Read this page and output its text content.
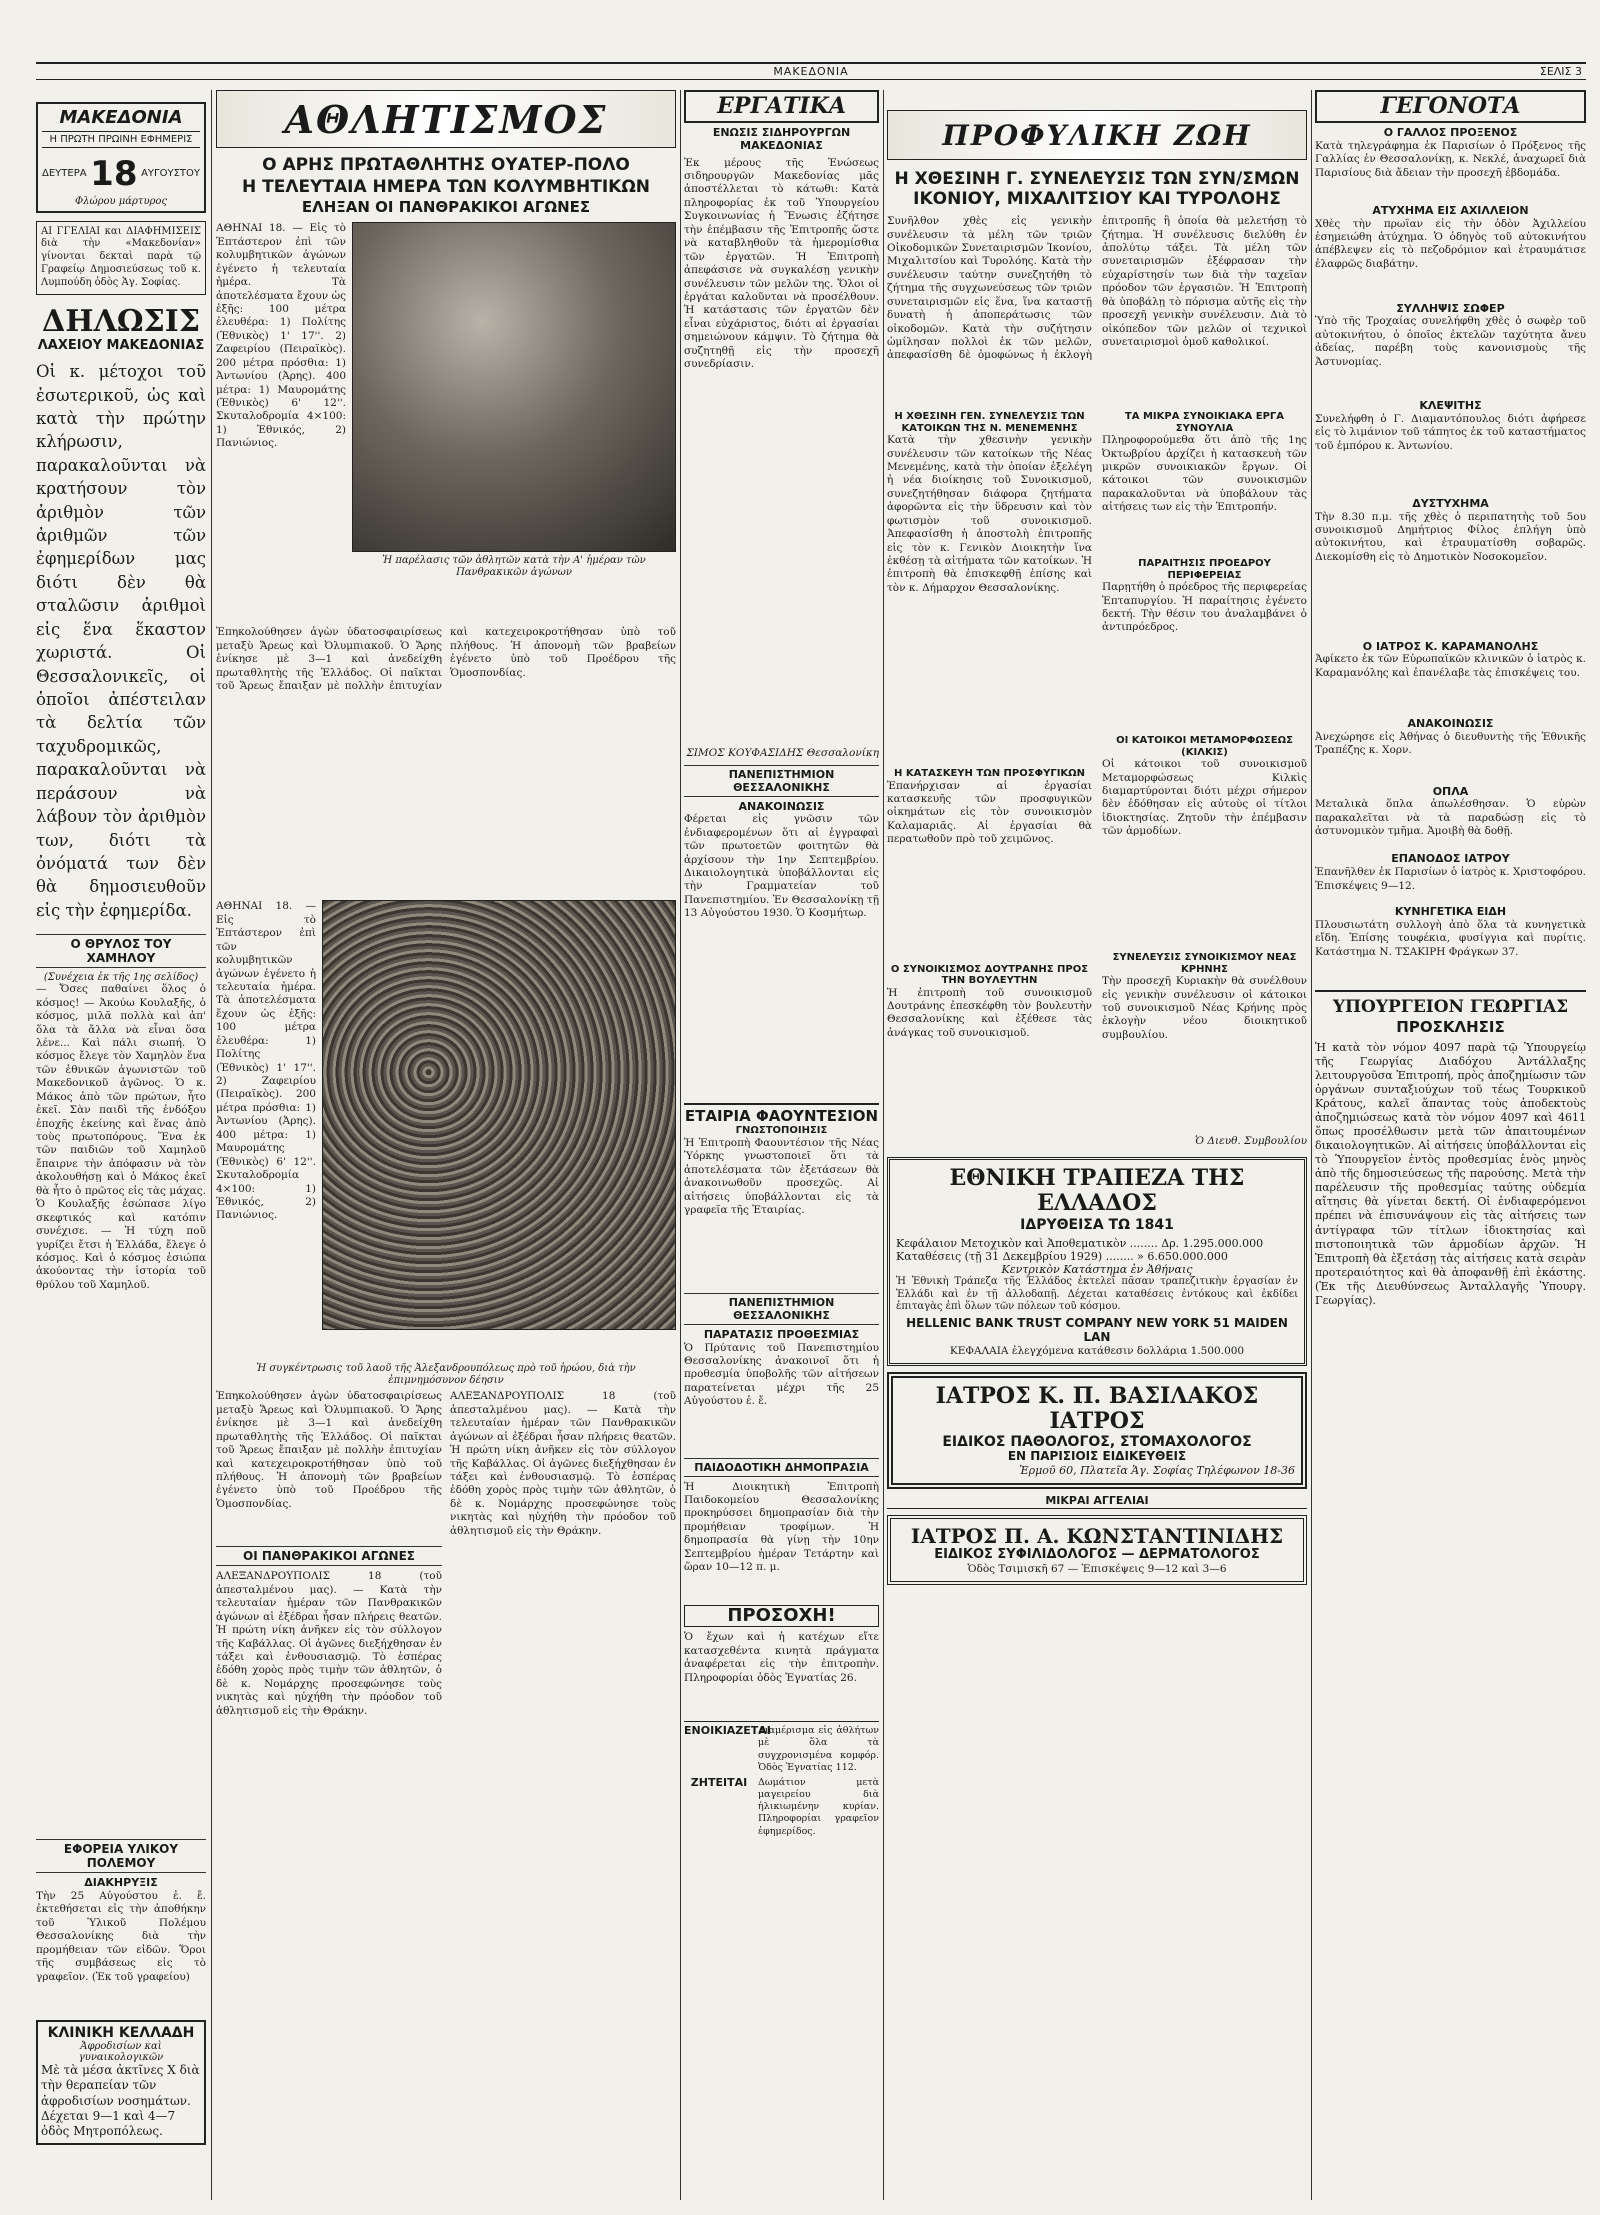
ΜΑΚΕΔΟΝΙΑ	ΣΕΛΙΣ 3
ΜΑΚΕΔΟΝΙΑ
Η ΠΡΩΤΗ ΠΡΩΙΝΗ ΕΦΗΜΕΡΙΣ
ΔΕΥΤΕΡΑ 18 ΑΥΓΟΥΣΤΟΥ
Φλώρου μάρτυρος
ΑΙ ΓΓΕΛΙΑΙ και ΔΙΑΦΗΜΙΣΕΙΣ διὰ τὴν «Μακεδονίαν» γίνονται δεκταὶ παρὰ τῷ Γραφείῳ Δημοσιεύσεως τοῦ κ. Λυμπούδη ὁδὸς Ἁγ. Σοφίας.
ΔΗΛΩΣΙΣ
ΛΑΧΕΙΟΥ ΜΑΚΕΔΟΝΙΑΣ
Οἱ κ. μέτοχοι τοῦ ἐσωτερικοῦ, ὡς καὶ κατὰ τὴν πρώτην κλήρωσιν, παρακαλοῦνται νὰ κρατήσουν τὸν ἀριθμὸν τῶν ἀριθμῶν τῶν ἐφημερίδων μας διότι δὲν θὰ σταλῶσιν ἀριθμοὶ εἰς ἕνα ἕκαστον χωριστά. Οἱ Θεσσαλονικεῖς, οἱ ὁποῖοι ἀπέστειλαν τὰ δελτία τῶν ταχυδρομικῶς, παρακαλοῦνται νὰ περάσουν νὰ λάβουν τὸν ἀριθμὸν των, διότι τὰ ὀνόματά των δὲν θὰ δημοσιευθοῦν εἰς τὴν ἐφημερίδα.
Ο ΘΡΥΛΟΣ ΤΟΥ ΧΑΜΗΛΟΥ
(Συνέχεια ἐκ τῆς 1ης σελίδος)
— Ὄσες παθαίνει ὅλος ὁ κόσμος! — Ἀκούω Κουλαξῆς, ὁ κόσμος, μιλᾶ πολλὰ καὶ ἀπ' ὅλα τὰ ἄλλα νὰ εἶναι ὅσα λένε... Καὶ πάλι σιωπή. Ὁ κόσμος ἔλεγε τὸν Χαμηλὸν ἕνα τῶν ἐθνικῶν ἀγωνιστῶν τοῦ Μακεδονικοῦ ἀγῶνος. Ὁ κ. Μάκος ἀπὸ τῶν πρώτων, ἦτο ἐκεῖ. Σὰν παιδὶ τῆς ἐνδόξου ἐποχῆς ἐκείνης καὶ ἕνας ἀπὸ τοὺς πρωτοπόρους. Ἕνα ἐκ τῶν παιδιῶν τοῦ Χαμηλοῦ ἔπαιρνε τὴν ἀπόφασιν νὰ τὸν ἀκολουθήσῃ καὶ ὁ Μάκος ἐκεῖ θὰ ἦτο ὁ πρῶτος εἰς τὰς μάχας. Ὁ Κουλαξῆς ἐσώπασε λίγο σκεφτικός καὶ κατόπιν συνέχισε. — Ἡ τύχη ποῦ γυρίζει ἔτσι ἡ Ἑλλάδα, ἔλεγε ὁ κόσμος. Καὶ ὁ κόσμος ἐσιώπα ἀκούοντας τὴν ἱστορία τοῦ θρύλου τοῦ Χαμηλοῦ.
ΕΦΟΡΕΙΑ ΥΛΙΚΟΥ ΠΟΛΕΜΟΥ
ΔΙΑΚΗΡΥΞΙΣ
Τὴν 25 Αὐγούστου ἐ. ἔ. ἐκτεθήσεται εἰς τὴν ἀποθήκην τοῦ Ὑλικοῦ Πολέμου Θεσσαλονίκης διὰ τὴν προμήθειαν τῶν εἰδῶν. Ὅροι τῆς συμβάσεως εἰς τὸ γραφεῖον. (Ἐκ τοῦ γραφείου)
ΚΛΙΝΙΚΗ ΚΕΛΛΑΔΗ
Ἀφροδισίων καὶ γυναικολογικῶν
Μὲ τὰ μέσα ἀκτῖνες Χ διὰ τὴν θεραπείαν τῶν ἀφροδισίων νοσημάτων. Δέχεται 9—1 καὶ 4—7 ὁδὸς Μητροπόλεως.
ΑΘΛΗΤΙΣΜΟΣ
Ο ΑΡΗΣ ΠΡΩΤΑΘΛΗΤΗΣ ΟΥΑΤΕΡ-ΠΟΛΟ
Η ΤΕΛΕΥΤΑΙΑ ΗΜΕΡΑ ΤΩΝ ΚΟΛΥΜΒΗΤΙΚΩΝ
ΕΛΗΞΑΝ ΟΙ ΠΑΝΘΡΑΚΙΚΟΙ ΑΓΩΝΕΣ
ΑΘΗΝΑΙ 18. — Εἰς τὸ Ἐπτάστερον ἐπὶ τῶν κολυμβητικῶν ἀγώνων ἐγένετο ἡ τελευταία ἡμέρα. Τὰ ἀποτελέσματα ἔχουν ὡς ἑξῆς: 100 μέτρα ἐλευθέρα: 1) Πολίτης (Ἐθνικὸς) 1' 17''. 2) Ζαφειρίου (Πειραϊκὸς). 200 μέτρα πρόσθια: 1) Ἀντωνίου (Ἀρης). 400 μέτρα: 1) Μαυρομάτης (Ἐθνικὸς) 6' 12''. Σκυταλοδρομία 4×100: 1) Ἐθνικός, 2) Πανιώνιος.
Ἡ παρέλασις τῶν ἀθλητῶν κατὰ τὴν Α' ἡμέραν τῶν Πανθρακικῶν ἀγώνων
Ἐπηκολούθησεν ἀγὼν ὑδατοσφαιρίσεως μεταξὺ Ἄρεως καὶ Ὀλυμπιακοῦ. Ὁ Ἄρης ἐνίκησε μὲ 3—1 καὶ ἀνεδείχθη πρωταθλητὴς τῆς Ἑλλάδος. Οἱ παῖκται τοῦ Ἄρεως ἔπαιξαν μὲ πολλὴν ἐπιτυχίαν καὶ κατεχειροκροτήθησαν ὑπὸ τοῦ πλήθους. Ἡ ἀπονομὴ τῶν βραβείων ἐγένετο ὑπὸ τοῦ Προέδρου τῆς Ὁμοσπονδίας.
ΑΘΗΝΑΙ 18. — Εἰς τὸ Ἐπτάστερον ἐπὶ τῶν κολυμβητικῶν ἀγώνων ἐγένετο ἡ τελευταία ἡμέρα. Τὰ ἀποτελέσματα ἔχουν ὡς ἑξῆς: 100 μέτρα ἐλευθέρα: 1) Πολίτης (Ἐθνικὸς) 1' 17''. 2) Ζαφειρίου (Πειραϊκὸς). 200 μέτρα πρόσθια: 1) Ἀντωνίου (Ἀρης). 400 μέτρα: 1) Μαυρομάτης (Ἐθνικὸς) 6' 12''. Σκυταλοδρομία 4×100: 1) Ἐθνικός, 2) Πανιώνιος.
Ἡ συγκέντρωσις τοῦ λαοῦ τῆς Ἀλεξανδρουπόλεως πρὸ τοῦ ἡρώου, διὰ τὴν ἐπιμνημόσυνον δέησιν
Ἐπηκολούθησεν ἀγὼν ὑδατοσφαιρίσεως μεταξὺ Ἄρεως καὶ Ὀλυμπιακοῦ. Ὁ Ἄρης ἐνίκησε μὲ 3—1 καὶ ἀνεδείχθη πρωταθλητὴς τῆς Ἑλλάδος. Οἱ παῖκται τοῦ Ἄρεως ἔπαιξαν μὲ πολλὴν ἐπιτυχίαν καὶ κατεχειροκροτήθησαν ὑπὸ τοῦ πλήθους. Ἡ ἀπονομὴ τῶν βραβείων ἐγένετο ὑπὸ τοῦ Προέδρου τῆς Ὁμοσπονδίας.
ΟΙ ΠΑΝΘΡΑΚΙΚΟΙ ΑΓΩΝΕΣ
ΑΛΕΞΑΝΔΡΟΥΠΟΛΙΣ 18 (τοῦ ἀπεσταλμένου μας). — Κατὰ τὴν τελευταίαν ἡμέραν τῶν Πανθρακικῶν ἀγώνων αἱ ἐξέδραι ἦσαν πλήρεις θεατῶν. Ἡ πρώτη νίκη ἀνῆκεν εἰς τὸν σύλλογον τῆς Καβάλλας. Οἱ ἀγῶνες διεξήχθησαν ἐν τάξει καὶ ἐνθουσιασμῷ. Τὸ ἑσπέρας ἐδόθη χορὸς πρὸς τιμὴν τῶν ἀθλητῶν, ὁ δὲ κ. Νομάρχης προσεφώνησε τοὺς νικητὰς καὶ ηὐχήθη τὴν πρόοδον τοῦ ἀθλητισμοῦ εἰς τὴν Θράκην.
ΑΛΕΞΑΝΔΡΟΥΠΟΛΙΣ 18 (τοῦ ἀπεσταλμένου μας). — Κατὰ τὴν τελευταίαν ἡμέραν τῶν Πανθρακικῶν ἀγώνων αἱ ἐξέδραι ἦσαν πλήρεις θεατῶν. Ἡ πρώτη νίκη ἀνῆκεν εἰς τὸν σύλλογον τῆς Καβάλλας. Οἱ ἀγῶνες διεξήχθησαν ἐν τάξει καὶ ἐνθουσιασμῷ. Τὸ ἑσπέρας ἐδόθη χορὸς πρὸς τιμὴν τῶν ἀθλητῶν, ὁ δὲ κ. Νομάρχης προσεφώνησε τοὺς νικητὰς καὶ ηὐχήθη τὴν πρόοδον τοῦ ἀθλητισμοῦ εἰς τὴν Θράκην.
ΕΡΓΑΤΙΚΑ
ΕΝΩΣΙΣ ΣΙΔΗΡΟΥΡΓΩΝ ΜΑΚΕΔΟΝΙΑΣ
Ἐκ μέρους τῆς Ἑνώσεως σιδηρουργῶν Μακεδονίας μᾶς ἀποστέλλεται τὸ κάτωθι: Κατὰ πληροφορίας ἐκ τοῦ Ὑπουργείου Συγκοινωνίας ἡ Ἕνωσις ἐζήτησε τὴν ἐπέμβασιν τῆς Ἐπιτροπῆς ὥστε νὰ καταβληθοῦν τὰ ἡμερομίσθια τῶν ἐργατῶν. Ἡ Ἐπιτροπὴ ἀπεφάσισε νὰ συγκαλέσῃ γενικὴν συνέλευσιν τῶν μελῶν της. Ὅλοι οἱ ἐργάται καλοῦνται νὰ προσέλθουν. Ἡ κατάστασις τῶν ἐργατῶν δὲν εἶναι εὐχάριστος, διότι αἱ ἐργασίαι σημειώνουν κάμψιν. Τὸ ζήτημα θὰ συζητηθῇ εἰς τὴν προσεχῆ συνεδρίασιν.
ΣΙΜΟΣ ΚΟΥΦΑΣΙΔΗΣ Θεσσαλονίκη
ΠΑΝΕΠΙΣΤΗΜΙΟΝ ΘΕΣΣΑΛΟΝΙΚΗΣ
ΑΝΑΚΟΙΝΩΣΙΣ
Φέρεται εἰς γνῶσιν τῶν ἐνδιαφερομένων ὅτι αἱ ἐγγραφαὶ τῶν πρωτοετῶν φοιτητῶν θὰ ἀρχίσουν τὴν 1ην Σεπτεμβρίου. Δικαιολογητικὰ ὑποβάλλονται εἰς τὴν Γραμματείαν τοῦ Πανεπιστημίου. Ἐν Θεσσαλονίκῃ τῇ 13 Αὐγούστου 1930. Ὁ Κοσμήτωρ.
ΕΤΑΙΡΙΑ ΦΑΟΥΝΤΕΣΙΟΝ
ΓΝΩΣΤΟΠΟΙΗΣΙΣ
Ἡ Ἐπιτροπὴ Φαουντέσιον τῆς Νέας Ὑόρκης γνωστοποιεῖ ὅτι τὰ ἀποτελέσματα τῶν ἐξετάσεων θὰ ἀνακοινωθοῦν προσεχῶς. Αἱ αἰτήσεις ὑποβάλλονται εἰς τὰ γραφεῖα τῆς Ἑταιρίας.
ΠΑΝΕΠΙΣΤΗΜΙΟΝ ΘΕΣΣΑΛΟΝΙΚΗΣ
ΠΑΡΑΤΑΣΙΣ ΠΡΟΘΕΣΜΙΑΣ
Ὁ Πρύτανις τοῦ Πανεπιστημίου Θεσσαλονίκης ἀνακοινοῖ ὅτι ἡ προθεσμία ὑποβολῆς τῶν αἰτήσεων παρατείνεται μέχρι τῆς 25 Αὐγούστου ἐ. ἔ.
ΠΑΙΔΟΔΟΤΙΚΗ ΔΗΜΟΠΡΑΣΙΑ
Ἡ Διοικητικὴ Ἐπιτροπὴ Παιδοκομείου Θεσσαλονίκης προκηρύσσει δημοπρασίαν διὰ τὴν προμήθειαν τροφίμων. Ἡ δημοπρασία θὰ γίνῃ τὴν 10ην Σεπτεμβρίου ἡμέραν Τετάρτην καὶ ὥραν 10—12 π. μ.
ΠΡΟΣΟΧΗ!
Ὁ ἔχων καὶ ἡ κατέχων εἴτε κατασχεθέντα κινητὰ πράγματα ἀναφέρεται εἰς τὴν ἐπιτροπὴν. Πληροφορίαι ὁδὸς Ἐγνατίας 26.
ΕΝΟΙΚΙΑΖΕΤΑΙ
Διαμέρισμα εἰς ἀθλήτων μὲ ὅλα τὰ συγχρονισμένα κομφόρ. Ὁδὸς Ἐγνατίας 112.
ΖΗΤΕΙΤΑΙ	Δωμάτιον μετὰ μαγειρείου διὰ ἡλικιωμένην κυρίαν. Πληροφορίαι γραφεῖον ἐφημερίδος.
ΠΡΟΦΥΛΙΚΗ ΖΩΗ
Η ΧΘΕΣΙΝΗ Γ. ΣΥΝΕΛΕΥΣΙΣ ΤΩΝ ΣΥΝ/ΣΜΩΝ ΙΚΟΝΙΟΥ, ΜΙΧΑΛΙΤΣΙΟΥ ΚΑΙ ΤΥΡΟΛΟΗΣ
Συνῆλθον χθὲς εἰς γενικὴν συνέλευσιν τὰ μέλη τῶν τριῶν Οἰκοδομικῶν Συνεταιρισμῶν Ἰκονίου, Μιχαλιτσίου καὶ Τυρολόης. Κατὰ τὴν συνέλευσιν ταύτην συνεζητήθη τὸ ζήτημα τῆς συγχωνεύσεως τῶν τριῶν συνεταιρισμῶν εἰς ἕνα, ἵνα καταστῇ δυνατὴ ἡ ἀποπεράτωσις τῶν οἰκοδομῶν. Κατὰ τὴν συζήτησιν ὡμίλησαν πολλοὶ ἐκ τῶν μελῶν, ἀπεφασίσθη δὲ ὁμοφώνως ἡ ἐκλογὴ ἐπιτροπῆς ἣ ὁποία θὰ μελετήσῃ τὸ ζήτημα. Ἡ συνέλευσις διελύθη ἐν ἀπολύτῳ τάξει. Τὰ μέλη τῶν συνεταιρισμῶν ἐξέφρασαν τὴν εὐχαρίστησίν των διὰ τὴν ταχεῖαν πρόοδον τῶν ἐργασιῶν. Ἡ Ἐπιτροπὴ θὰ ὑποβάλῃ τὸ πόρισμα αὐτῆς εἰς τὴν προσεχῆ γενικὴν συνέλευσιν. Διὰ τὸ οἰκόπεδον τῶν μελῶν οἱ τεχνικοὶ συνεταιρισμοὶ ὁμοῦ καθολικοί.
Η ΧΘΕΣΙΝΗ ΓΕΝ. ΣΥΝΕΛΕΥΣΙΣ ΤΩΝ ΚΑΤΟΙΚΩΝ ΤΗΣ Ν. ΜΕΝΕΜΕΝΗΣ
Κατὰ τὴν χθεσινὴν γενικὴν συνέλευσιν τῶν κατοίκων τῆς Νέας Μενεμένης, κατὰ τὴν ὁποίαν ἐξελέγη ἡ νέα διοίκησις τοῦ Συνοικισμοῦ, συνεζητήθησαν διάφορα ζητήματα ἀφορῶντα εἰς τὴν ὕδρευσιν καὶ τὸν φωτισμὸν τοῦ συνοικισμοῦ. Ἀπεφασίσθη ἡ ἀποστολὴ ἐπιτροπῆς εἰς τὸν κ. Γενικὸν Διοικητὴν ἵνα ἐκθέσῃ τὰ αἰτήματα τῶν κατοίκων. Ἡ ἐπιτροπὴ θὰ ἐπισκεφθῇ ἐπίσης καὶ τὸν κ. Δήμαρχον Θεσσαλονίκης.
Η ΚΑΤΑΣΚΕΥΗ ΤΩΝ ΠΡΟΣΦΥΓΙΚΩΝ
Ἐπανήρχισαν αἱ ἐργασίαι κατασκευῆς τῶν προσφυγικῶν οἰκημάτων εἰς τὸν συνοικισμὸν Καλαμαριᾶς. Αἱ ἐργασίαι θὰ περατωθοῦν πρὸ τοῦ χειμῶνος.
Ο ΣΥΝΟΙΚΙΣΜΟΣ ΔΟΥΤΡΑΝΗΣ ΠΡΟΣ ΤΗΝ ΒΟΥΛΕΥΤΗΝ
Ἡ ἐπιτροπὴ τοῦ συνοικισμοῦ Δουτράνης ἐπεσκέφθη τὸν βουλευτὴν Θεσσαλονίκης καὶ ἐξέθεσε τὰς ἀνάγκας τοῦ συνοικισμοῦ.
ΤΑ ΜΙΚΡΑ ΣΥΝΟΙΚΙΑΚΑ ΕΡΓΑ ΣΥΝΟΥΛΙΑ
Πληροφορούμεθα ὅτι ἀπὸ τῆς 1ης Ὀκτωβρίου ἀρχίζει ἡ κατασκευὴ τῶν μικρῶν συνοικιακῶν ἔργων. Οἱ κάτοικοι τῶν συνοικισμῶν παρακαλοῦνται νὰ ὑποβάλουν τὰς αἰτήσεις των εἰς τὴν Ἐπιτροπήν.
ΠΑΡΑΙΤΗΣΙΣ ΠΡΟΕΔΡΟΥ ΠΕΡΙΦΕΡΕΙΑΣ
Παρῃτήθη ὁ πρόεδρος τῆς περιφερείας Ἑπταπυργίου. Ἡ παραίτησις ἐγένετο δεκτή. Τὴν θέσιν του ἀναλαμβάνει ὁ ἀντιπρόεδρος.
ΟΙ ΚΑΤΟΙΚΟΙ ΜΕΤΑΜΟΡΦΩΣΕΩΣ (ΚΙΛΚΙΣ)
Οἱ κάτοικοι τοῦ συνοικισμοῦ Μεταμορφώσεως Κιλκὶς διαμαρτύρονται διότι μέχρι σήμερον δὲν ἐδόθησαν εἰς αὐτοὺς οἱ τίτλοι ἰδιοκτησίας. Ζητοῦν τὴν ἐπέμβασιν τῶν ἁρμοδίων.
ΣΥΝΕΛΕΥΣΙΣ ΣΥΝΟΙΚΙΣΜΟΥ ΝΕΑΣ ΚΡΗΝΗΣ
Τὴν προσεχῆ Κυριακὴν θὰ συνέλθουν εἰς γενικὴν συνέλευσιν οἱ κάτοικοι τοῦ συνοικισμοῦ Νέας Κρήνης πρὸς ἐκλογὴν νέου διοικητικοῦ συμβουλίου.
Ὁ Διευθ. Συμβουλίου
ΕΘΝΙΚΗ ΤΡΑΠΕΖΑ ΤΗΣ ΕΛΛΑΔΟΣ
ΙΔΡΥΘΕΙΣΑ ΤΩ 1841
Κεφάλαιον Μετοχικὸν καὶ Ἀποθεματικὸν ........ Δρ. 1.295.000.000
Καταθέσεις (τῇ 31 Δεκεμβρίου 1929) ........ » 6.650.000.000
Κεντρικὸν Κατάστημα ἐν Ἀθήναις
Ἡ Ἐθνικὴ Τράπεζα τῆς Ἑλλάδος ἐκτελεῖ πᾶσαν τραπεζιτικὴν ἐργασίαν ἐν Ἑλλάδι καὶ ἐν τῇ ἀλλοδαπῇ. Δέχεται καταθέσεις ἐντόκους καὶ ἐκδίδει ἐπιταγὰς ἐπὶ ὅλων τῶν πόλεων τοῦ κόσμου.
HELLENIC BANK TRUST COMPANY NEW YORK 51 MAIDEN LAN
ΚΕΦΑΛΑΙΑ ἐλεγχόμενα κατάθεσιν δολλάρια 1.500.000
ΙΑΤΡΟΣ Κ. Π. ΒΑΣΙΛΑΚΟΣ ΙΑΤΡΟΣ
ΕΙΔΙΚΟΣ ΠΑΘΟΛΟΓΟΣ, ΣΤΟΜΑΧΟΛΟΓΟΣ
ΕΝ ΠΑΡΙΣΙΟΙΣ ΕΙΔΙΚΕΥΘΕΙΣ
Ἑρμοῦ 60, Πλατεῖα Ἁγ. Σοφίας Τηλέφωνον 18-36
ΜΙΚΡΑΙ ΑΓΓΕΛΙΑΙ
ΙΑΤΡΟΣ Π. Α. ΚΩΝΣΤΑΝΤΙΝΙΔΗΣ
ΕΙΔΙΚΟΣ ΣΥΦΙΛΙΔΟΛΟΓΟΣ — ΔΕΡΜΑΤΟΛΟΓΟΣ
Ὁδὸς Τσιμισκῆ 67 — Ἐπισκέψεις 9—12 καὶ 3—6
ΓΕΓΟΝΟΤΑ
Ο ΓΑΛΛΟΣ ΠΡΟΞΕΝΟΣ
Κατὰ τηλεγράφημα ἐκ Παρισίων ὁ Πρόξενος τῆς Γαλλίας ἐν Θεσσαλονίκῃ, κ. Νεκλέ, ἀναχωρεῖ διὰ Παρισίους διὰ ἄδειαν τὴν προσεχῆ ἑβδομάδα.
ΑΤΥΧΗΜΑ ΕΙΣ ΑΧΙΛΛΕΙΟΝ
Χθὲς τὴν πρωΐαν εἰς τὴν ὁδὸν Ἀχιλλείου ἐσημειώθη ἀτύχημα. Ὁ ὁδηγὸς τοῦ αὐτοκινήτου ἀπέβλεψεν εἰς τὸ πεζοδρόμιον καὶ ἐτραυμάτισε ἐλαφρῶς διαβάτην.
ΣΥΛΛΗΨΙΣ ΣΩΦΕΡ
Ὑπὸ τῆς Τροχαίας συνελήφθη χθὲς ὁ σωφὲρ τοῦ αὐτοκινήτου, ὁ ὁποῖος ἐκτελῶν ταχύτητα ἄνευ ἀδείας, παρέβη τοὺς κανονισμοὺς τῆς Ἀστυνομίας.
ΚΛΕΨΙΤΗΣ
Συνελήφθη ὁ Γ. Διαμαντόπουλος διότι ἀφήρεσε εἰς τὸ λιμάνιον τοῦ τάπητος ἐκ τοῦ καταστήματος τοῦ ἐμπόρου κ. Ἀντωνίου.
ΔΥΣΤΥΧΗΜΑ
Τὴν 8.30 π.μ. τῆς χθὲς ὁ περιπατητὴς τοῦ 5ου συνοικισμοῦ Δημήτριος Φίλος ἐπλήγη ὑπὸ αὐτοκινήτου, καὶ ἐτραυματίσθη σοβαρῶς. Διεκομίσθη εἰς τὸ Δημοτικὸν Νοσοκομεῖον.
Ο ΙΑΤΡΟΣ Κ. ΚΑΡΑΜΑΝΟΛΗΣ
Ἀφίκετο ἐκ τῶν Εὐρωπαϊκῶν κλινικῶν ὁ ἰατρὸς κ. Καραμανόλης καὶ ἐπανέλαβε τὰς ἐπισκέψεις του.
ΑΝΑΚΟΙΝΩΣΙΣ
Ἀνεχώρησε εἰς Ἀθήνας ὁ διευθυντὴς τῆς Ἐθνικῆς Τραπέζης κ. Χορν.
ΟΠΛΑ
Μεταλικὰ ὅπλα ἀπωλέσθησαν. Ὁ εὑρὼν παρακαλεῖται νὰ τὰ παραδώσῃ εἰς τὸ ἀστυνομικὸν τμῆμα. Ἀμοιβὴ θὰ δοθῇ.
ΕΠΑΝΟΔΟΣ ΙΑΤΡΟΥ
Ἐπανῆλθεν ἐκ Παρισίων ὁ ἰατρὸς κ. Χριστοφόρου. Ἐπισκέψεις 9—12.
ΚΥΝΗΓΕΤΙΚΑ ΕΙΔΗ
Πλουσιωτάτη συλλογὴ ἀπὸ ὅλα τὰ κυνηγετικὰ εἴδη. Ἐπίσης τουφέκια, φυσίγγια καὶ πυρίτις. Κατάστημα Ν. ΤΣΑΚΙΡΗ Φράγκων 37.
ΥΠΟΥΡΓΕΙΟΝ ΓΕΩΡΓΙΑΣ
ΠΡΟΣΚΛΗΣΙΣ
Ἡ κατὰ τὸν νόμον 4097 παρὰ τῷ Ὑπουργείῳ τῆς Γεωργίας Διαδόχου Ἀντάλλαξης λειτουργοῦσα Ἐπιτροπή, πρὸς ἀποζημίωσιν τῶν ὀργάνων συνταξιούχων τοῦ τέως Τουρκικοῦ Κράτους, καλεῖ ἅπαντας τοὺς ἀποδεκτοὺς ἀποζημιώσεως κατὰ τὸν νόμον 4097 καὶ 4611 ὅπως προσέλθωσιν μετὰ τῶν ἀπαιτουμένων δικαιολογητικῶν. Αἱ αἰτήσεις ὑποβάλλονται εἰς τὸ Ὑπουργεῖον ἐντὸς προθεσμίας ἑνὸς μηνὸς ἀπὸ τῆς δημοσιεύσεως τῆς παρούσης. Μετὰ τὴν παρέλευσιν τῆς προθεσμίας ταύτης οὐδεμία αἴτησις θὰ γίνεται δεκτή. Οἱ ἐνδιαφερόμενοι πρέπει νὰ ἐπισυνάψουν εἰς τὰς αἰτήσεις των ἀντίγραφα τῶν τίτλων ἰδιοκτησίας καὶ πιστοποιητικὰ τῶν ἁρμοδίων ἀρχῶν. Ἡ Ἐπιτροπὴ θὰ ἐξετάσῃ τὰς αἰτήσεις κατὰ σειρὰν προτεραιότητος καὶ θὰ ἀποφανθῇ ἐπὶ ἑκάστης. (Ἐκ τῆς Διευθύνσεως Ἀνταλλαγῆς Ὑπουργ. Γεωργίας).
